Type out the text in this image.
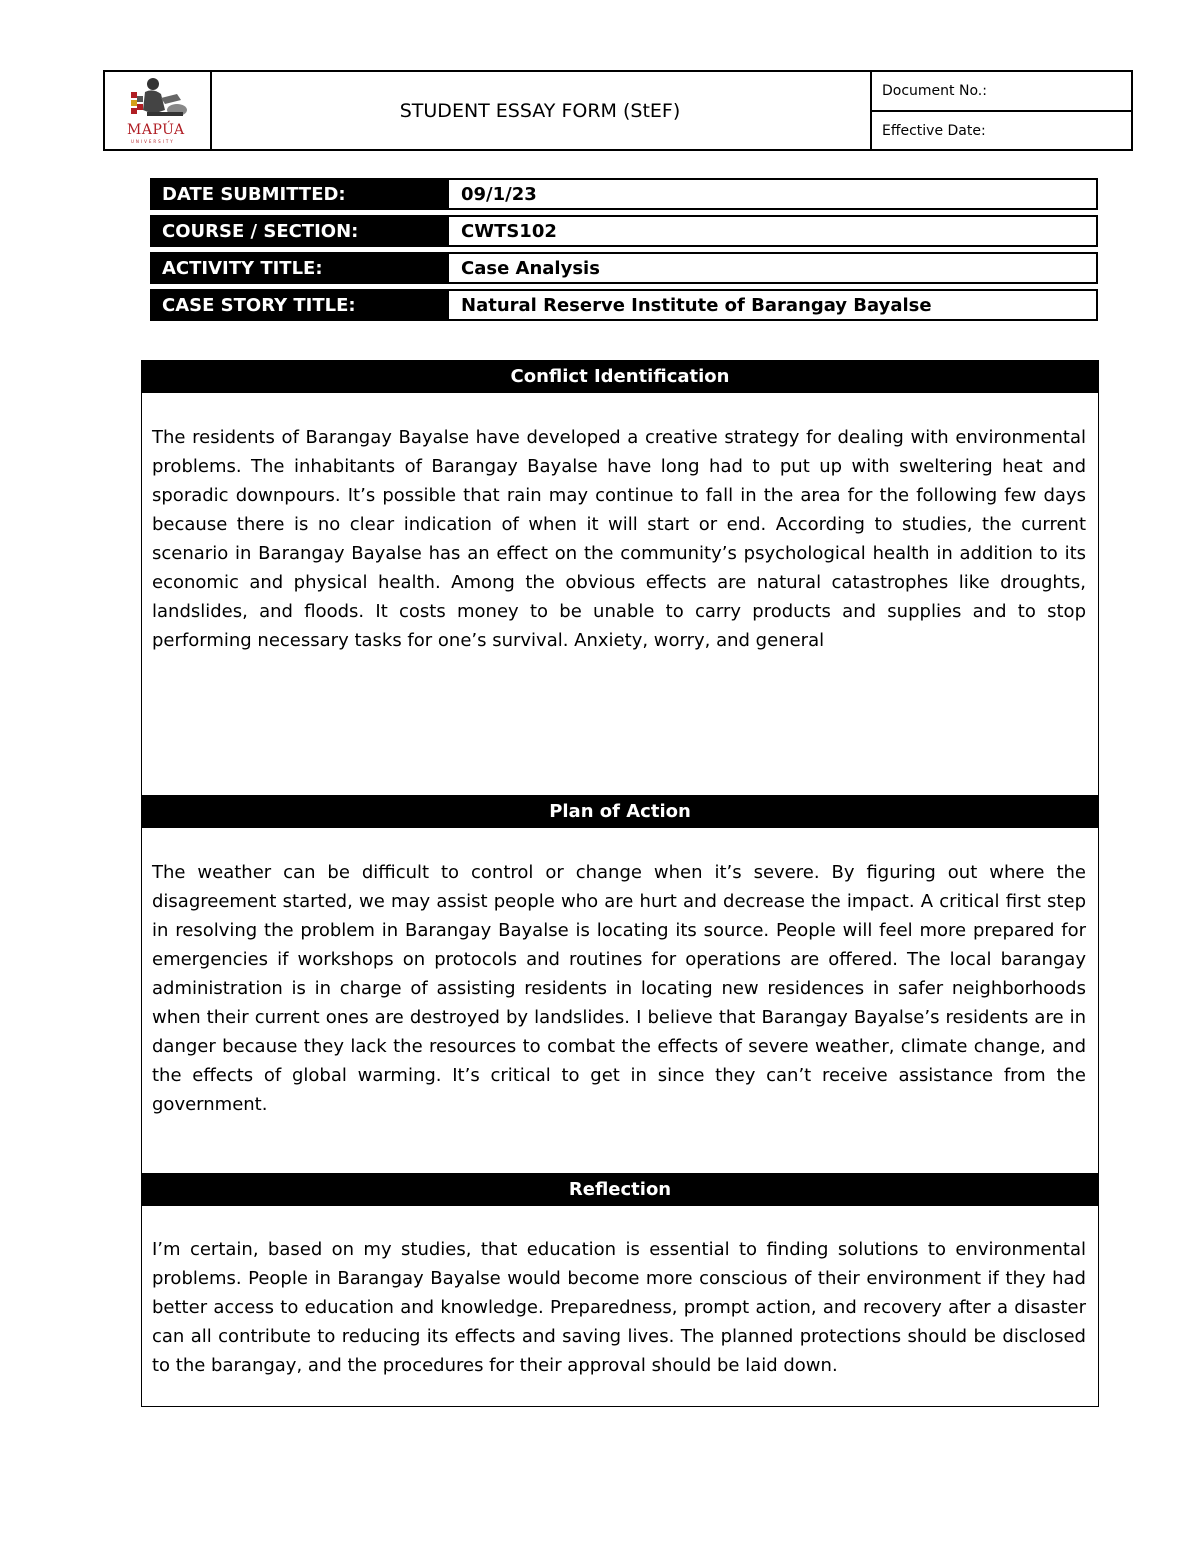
MAPÚA
UNIVERSITY
STUDENT ESSAY FORM (StEF)
Document No.:
Effective Date:
DATE SUBMITTED:	09/1/23
COURSE / SECTION:	CWTS102
ACTIVITY TITLE:	Case Analysis
CASE STORY TITLE:	Natural Reserve Institute of Barangay Bayalse
Conflict Identification
The residents of Barangay Bayalse have developed a creative strategy for dealing with environmental problems. The inhabitants of Barangay Bayalse have long had to put up with sweltering heat and sporadic downpours. It’s possible that rain may continue to fall in the area for the following few days because there is no clear indication of when it will start or end. According to studies, the current scenario in Barangay Bayalse has an effect on the community’s psychological health in addition to its economic and physical health. Among the obvious effects are natural catastrophes like droughts, landslides, and floods. It costs money to be unable to carry products and supplies and to stop performing necessary tasks for one’s survival. Anxiety, worry, and general
Plan of Action
The weather can be difficult to control or change when it’s severe. By figuring out where the disagreement started, we may assist people who are hurt and decrease the impact. A critical first step in resolving the problem in Barangay Bayalse is locating its source. People will feel more prepared for emergencies if workshops on protocols and routines for operations are offered. The local barangay administration is in charge of assisting residents in locating new residences in safer neighborhoods when their current ones are destroyed by landslides. I believe that Barangay Bayalse’s residents are in danger because they lack the resources to combat the effects of severe weather, climate change, and the effects of global warming. It’s critical to get in since they can’t receive assistance from the government.
Reflection
I’m certain, based on my studies, that education is essential to finding solutions to environmental problems. People in Barangay Bayalse would become more conscious of their environment if they had better access to education and knowledge. Preparedness, prompt action, and recovery after a disaster can all contribute to reducing its effects and saving lives. The planned protections should be disclosed to the barangay, and the procedures for their approval should be laid down.
